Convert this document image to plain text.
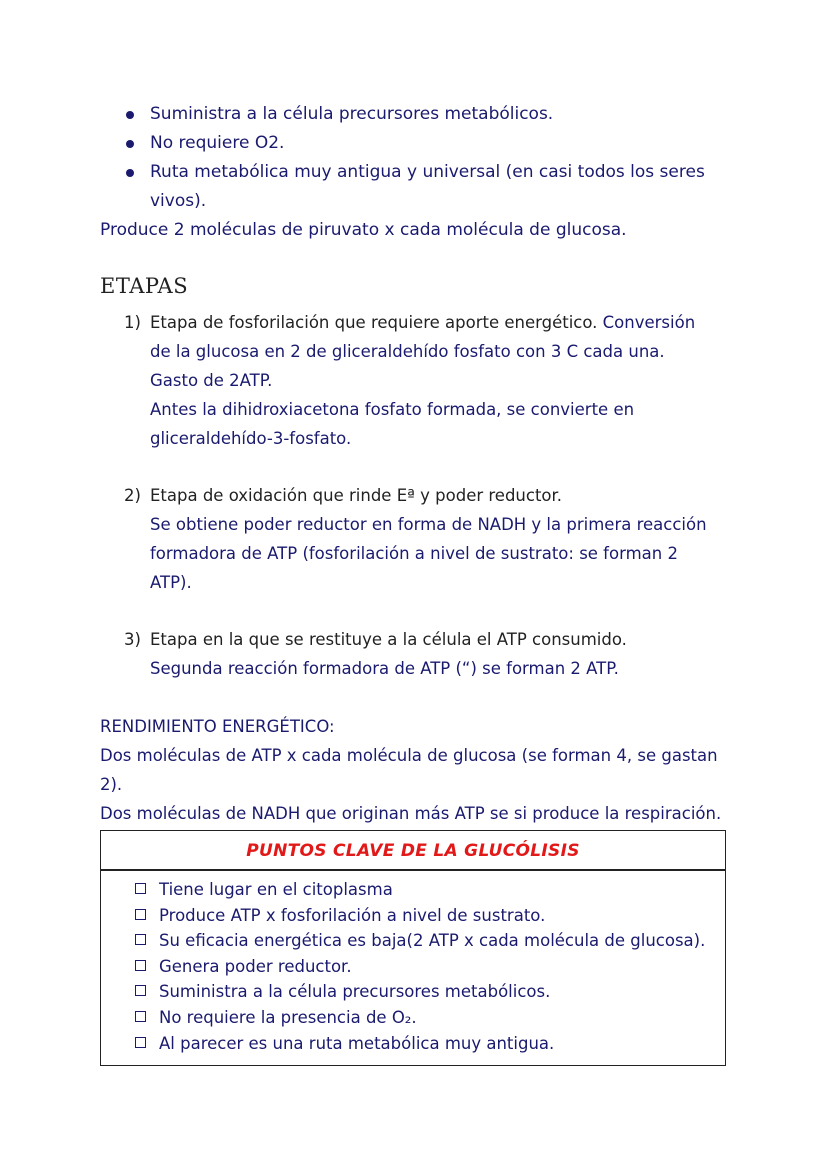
Suministra a la célula precursores metabólicos.
No requiere O2.
Ruta metabólica muy antigua y universal (en casi todos los seres
vivos).
Produce 2 moléculas de piruvato x cada molécula de glucosa.
ETAPAS
1) Etapa de fosforilación que requiere aporte energético. Conversión
de la glucosa en 2 de gliceraldehído fosfato con 3 C cada una.
Gasto de 2ATP.
Antes la dihidroxiacetona fosfato formada, se convierte en
gliceraldehído-3-fosfato.
2) Etapa de oxidación que rinde Eª y poder reductor.
Se obtiene poder reductor en forma de NADH y la primera reacción
formadora de ATP (fosforilación a nivel de sustrato: se forman 2
ATP).
3) Etapa en la que se restituye a la célula el ATP consumido.
Segunda reacción formadora de ATP (“) se forman 2 ATP.
RENDIMIENTO ENERGÉTICO:
Dos moléculas de ATP x cada molécula de glucosa (se forman 4, se gastan
2).
Dos moléculas de NADH que originan más ATP se si produce la respiración.
PUNTOS CLAVE DE LA GLUCÓLISIS
Tiene lugar en el citoplasma
Produce ATP x fosforilación a nivel de sustrato.
Su eficacia energética es baja(2 ATP x cada molécula de glucosa).
Genera poder reductor.
Suministra a la célula precursores metabólicos.
No requiere la presencia de O₂.
Al parecer es una ruta metabólica muy antigua.
